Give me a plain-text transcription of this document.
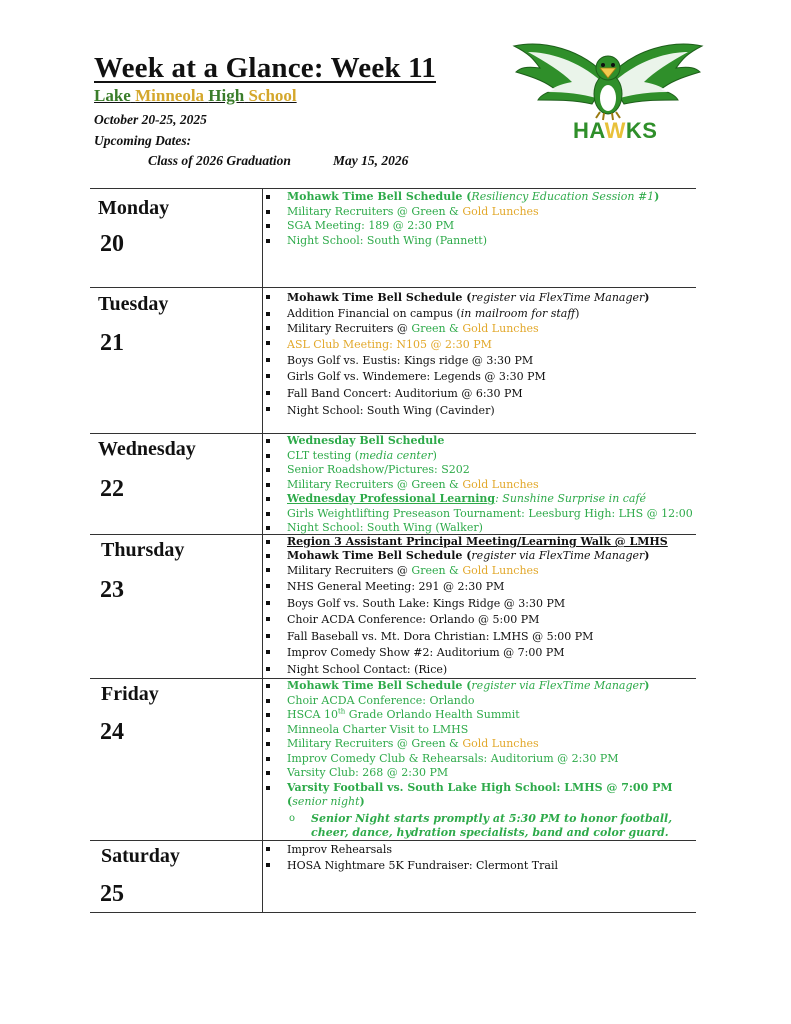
Week at a Glance: Week 11
Lake Minneola High School
October 20-25, 2025
Upcoming Dates:
Class of 2026 Graduation	May 15, 2026
HAWKS
Monday
20
Mohawk Time Bell Schedule (Resiliency Education Session #1)
Military Recruiters @ Green & Gold Lunches
SGA Meeting: 189 @ 2:30 PM
Night School: South Wing (Pannett)
Tuesday
21
Mohawk Time Bell Schedule (register via FlexTime Manager)
Addition Financial on campus (in mailroom for staff)
Military Recruiters @ Green & Gold Lunches
ASL Club Meeting: N105 @ 2:30 PM
Boys Golf vs. Eustis: Kings ridge @ 3:30 PM
Girls Golf vs. Windemere: Legends @ 3:30 PM
Fall Band Concert: Auditorium @ 6:30 PM
Night School: South Wing (Cavinder)
Wednesday
22
Wednesday Bell Schedule
CLT testing (media center)
Senior Roadshow/Pictures: S202
Military Recruiters @ Green & Gold Lunches
Wednesday Professional Learning: Sunshine Surprise in café
Girls Weightlifting Preseason Tournament: Leesburg High: LHS @ 12:00
Night School: South Wing (Walker)
Thursday
23
Region 3 Assistant Principal Meeting/Learning Walk @ LMHS
Mohawk Time Bell Schedule (register via FlexTime Manager)
Military Recruiters @ Green & Gold Lunches
NHS General Meeting: 291 @ 2:30 PM
Boys Golf vs. South Lake: Kings Ridge @ 3:30 PM
Choir ACDA Conference: Orlando @ 5:00 PM
Fall Baseball vs. Mt. Dora Christian: LMHS @ 5:00 PM
Improv Comedy Show #2: Auditorium @ 7:00 PM
Night School Contact: (Rice)
Friday
24
Mohawk Time Bell Schedule (register via FlexTime Manager)
Choir ACDA Conference: Orlando
HSCA 10th Grade Orlando Health Summit
Minneola Charter Visit to LMHS
Military Recruiters @ Green & Gold Lunches
Improv Comedy Club & Rehearsals: Auditorium @ 2:30 PM
Varsity Club: 268 @ 2:30 PM
Varsity Football vs. South Lake High School: LMHS @ 7:00 PM (senior night)
o Senior Night starts promptly at 5:30 PM to honor football, cheer, dance, hydration specialists, band and color guard.
Saturday
25
Improv Rehearsals
HOSA Nightmare 5K Fundraiser: Clermont Trail
